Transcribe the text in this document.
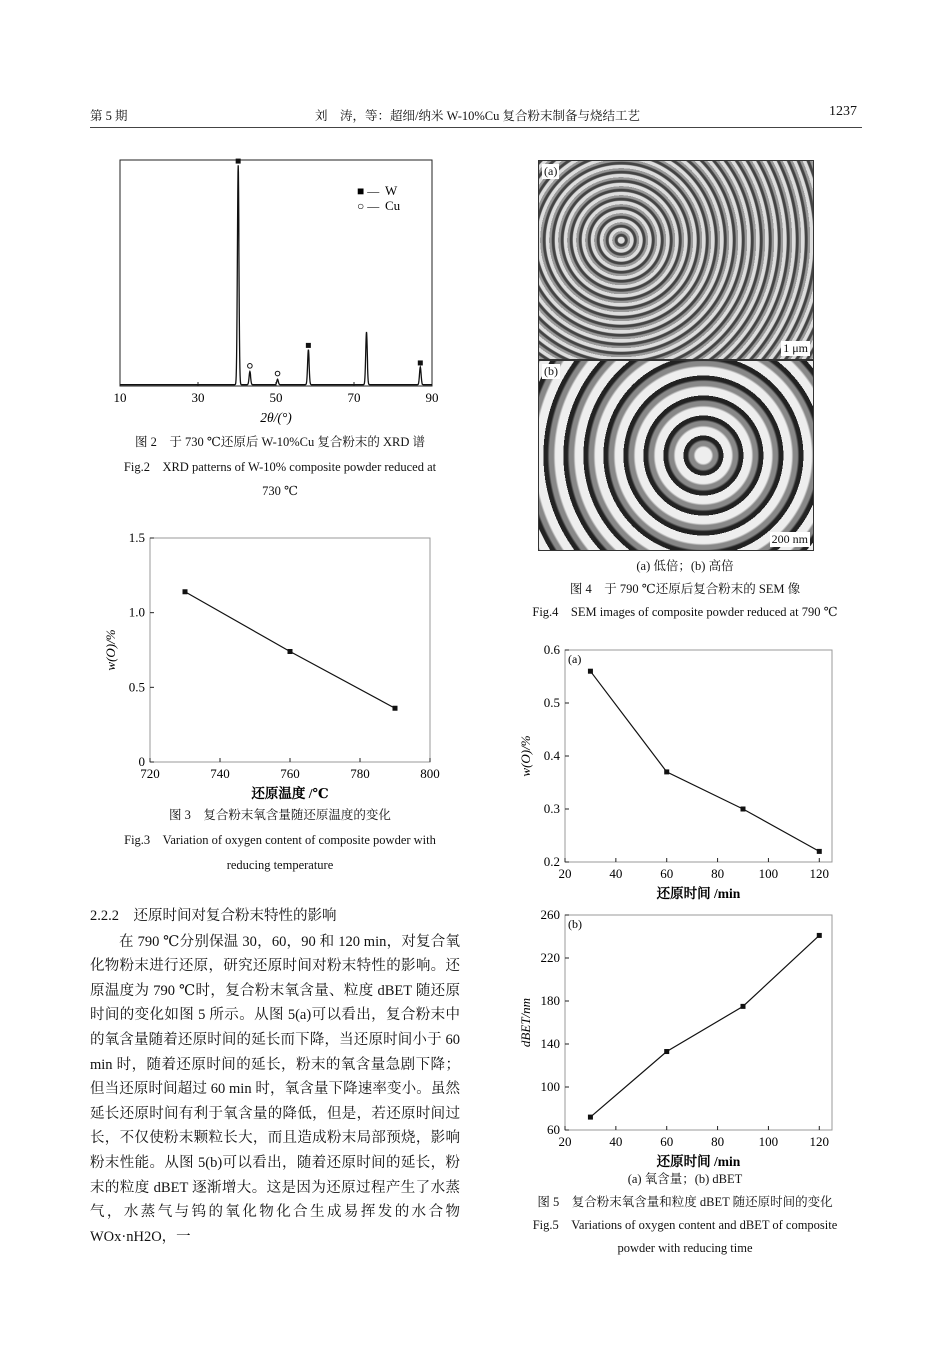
第 5 期	刘　涛，等：超细/纳米 W-10%Cu 复合粉末制备与烧结工艺	1237
10	30	50	70	90
2θ/(°)
■ — W
○ — Cu
图 2　于 730 ℃还原后 W-10%Cu 复合粉末的 XRD 谱
Fig.2　XRD patterns of W-10% composite powder reduced at
730 ℃
720	740	760	780	800
0
0.5
1.0
1.5
还原温度 /℃
w(O)/%
图 3　复合粉末氧含量随还原温度的变化
Fig.3　Variation of oxygen content of composite powder with
reducing temperature

2.2.2　还原时间对复合粉末特性的影响

在 790 ℃分别保温 30，60，90 和 120 min，对复合氧化物粉末进行还原，研究还原时间对粉末特性的影响。还原温度为 790 ℃时，复合粉末氧含量、粒度 dBET 随还原时间的变化如图 5 所示。从图 5(a)可以看出，复合粉末中的氧含量随着还原时间的延长而下降，当还原时间小于 60 min 时，随着还原时间的延长，粉末的氧含量急剧下降；但当还原时间超过 60 min 时，氧含量下降速率变小。虽然延长还原时间有利于氧含量的降低，但是，若还原时间过长，不仅使粉末颗粒长大，而且造成粉末局部预烧，影响粉末性能。从图 5(b)可以看出，随着还原时间的延长，粉末的粒度 dBET 逐渐增大。这是因为还原过程产生了水蒸气，水蒸气与钨的氧化物化合生成易挥发的水合物 WOx·nH2O，一

(a)
1 μm
(b)
200 nm
(a) 低倍；(b) 高倍
图 4　于 790 ℃还原后复合粉末的 SEM 像
Fig.4　SEM images of composite powder reduced at 790 ℃
20	40	60	80	100 120
0.2
0.3
0.4
0.5
0.6
还原时间 /min
w(O)/%
(a)
20	40	60	80	100 120
60
100
140
180
220
260
还原时间 /min
dBET/nm
(b)
(a) 氧含量；(b) dBET
图 5　复合粉末氧含量和粒度 dBET 随还原时间的变化
Fig.5　Variations of oxygen content and dBET of composite
powder with reducing time
